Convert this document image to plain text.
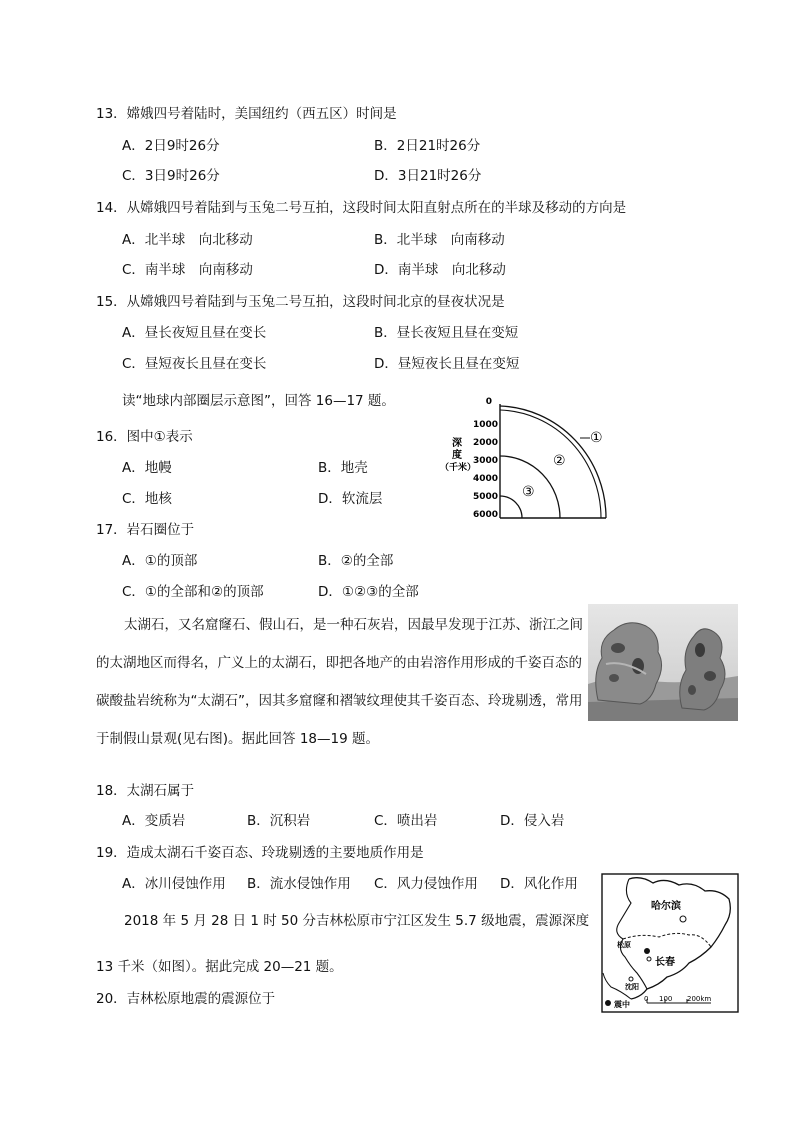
13．嫦娥四号着陆时，美国纽约（西五区）时间是
A．2日9时26分	B．2日21时26分
C．3日9时26分	D．3日21时26分
14．从嫦娥四号着陆到与玉兔二号互拍，这段时间太阳直射点所在的半球及移动的方向是
A．北半球　向北移动	B．北半球　向南移动
C．南半球　向南移动	D．南半球　向北移动
15．从嫦娥四号着陆到与玉兔二号互拍，这段时间北京的昼夜状况是
A．昼长夜短且昼在变长	B．昼长夜短且昼在变短
C．昼短夜长且昼在变长	D．昼短夜长且昼在变短
读“地球内部圈层示意图”，回答 16—17 题。
深
度
（千米）
0
1000
2000
3000
4000
5000
6000
①
②
③
16．图中①表示
A．地幔	B．地壳
C．地核	D．软流层
17．岩石圈位于
A．①的顶部	B．②的全部
C．①的全部和②的顶部	D．①②③的全部
太湖石，又名窟窿石、假山石，是一种石灰岩，因最早发现于江苏、浙江之间的太湖地区而得名，广义上的太湖石，即把各地产的由岩溶作用形成的千姿百态的碳酸盐岩统称为“太湖石”，因其多窟窿和褶皱纹理使其千姿百态、玲珑剔透，常用于制假山景观(见右图)。据此回答 18—19 题。
18．太湖石属于
A．变质岩	B．沉积岩	C．喷出岩	D．侵入岩
19．造成太湖石千姿百态、玲珑剔透的主要地质作用是
A．冰川侵蚀作用 B．流水侵蚀作用 C．风力侵蚀作用 D．风化作用
2018 年 5 月 28 日 1 时 50 分吉林松原市宁江区发生 5.7 级地震，震源深度 13 千米（如图）。据此完成 20—21 题。
20．吉林松原地震的震源位于
哈尔滨
松原
长春
沈阳
震中
0 100 200km
